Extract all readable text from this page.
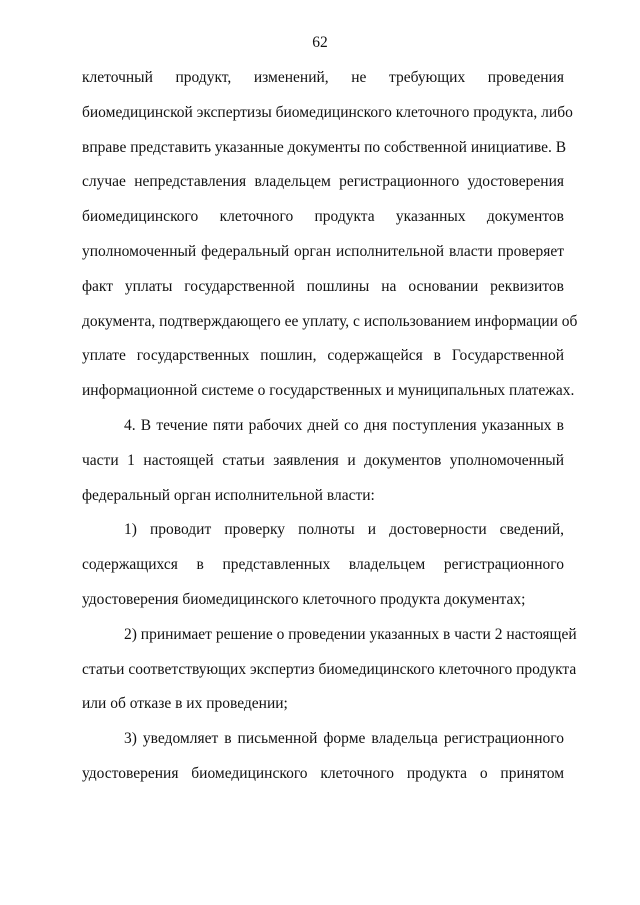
62
клеточный продукт, изменений, не требующих проведения
биомедицинской экспертизы биомедицинского клеточного продукта, либо
вправе представить указанные документы по собственной инициативе. В
случае непредставления владельцем регистрационного удостоверения
биомедицинского клеточного продукта указанных документов
уполномоченный федеральный орган исполнительной власти проверяет
факт уплаты государственной пошлины на основании реквизитов
документа, подтверждающего ее уплату, с использованием информации об
уплате государственных пошлин, содержащейся в Государственной
информационной системе о государственных и муниципальных платежах.
4. В течение пяти рабочих дней со дня поступления указанных в
части 1 настоящей статьи заявления и документов уполномоченный
федеральный орган исполнительной власти:
1) проводит проверку полноты и достоверности сведений,
содержащихся в представленных владельцем регистрационного
удостоверения биомедицинского клеточного продукта документах;
2) принимает решение о проведении указанных в части 2 настоящей
статьи соответствующих экспертиз биомедицинского клеточного продукта
или об отказе в их проведении;
3) уведомляет в письменной форме владельца регистрационного
удостоверения биомедицинского клеточного продукта о принятом
